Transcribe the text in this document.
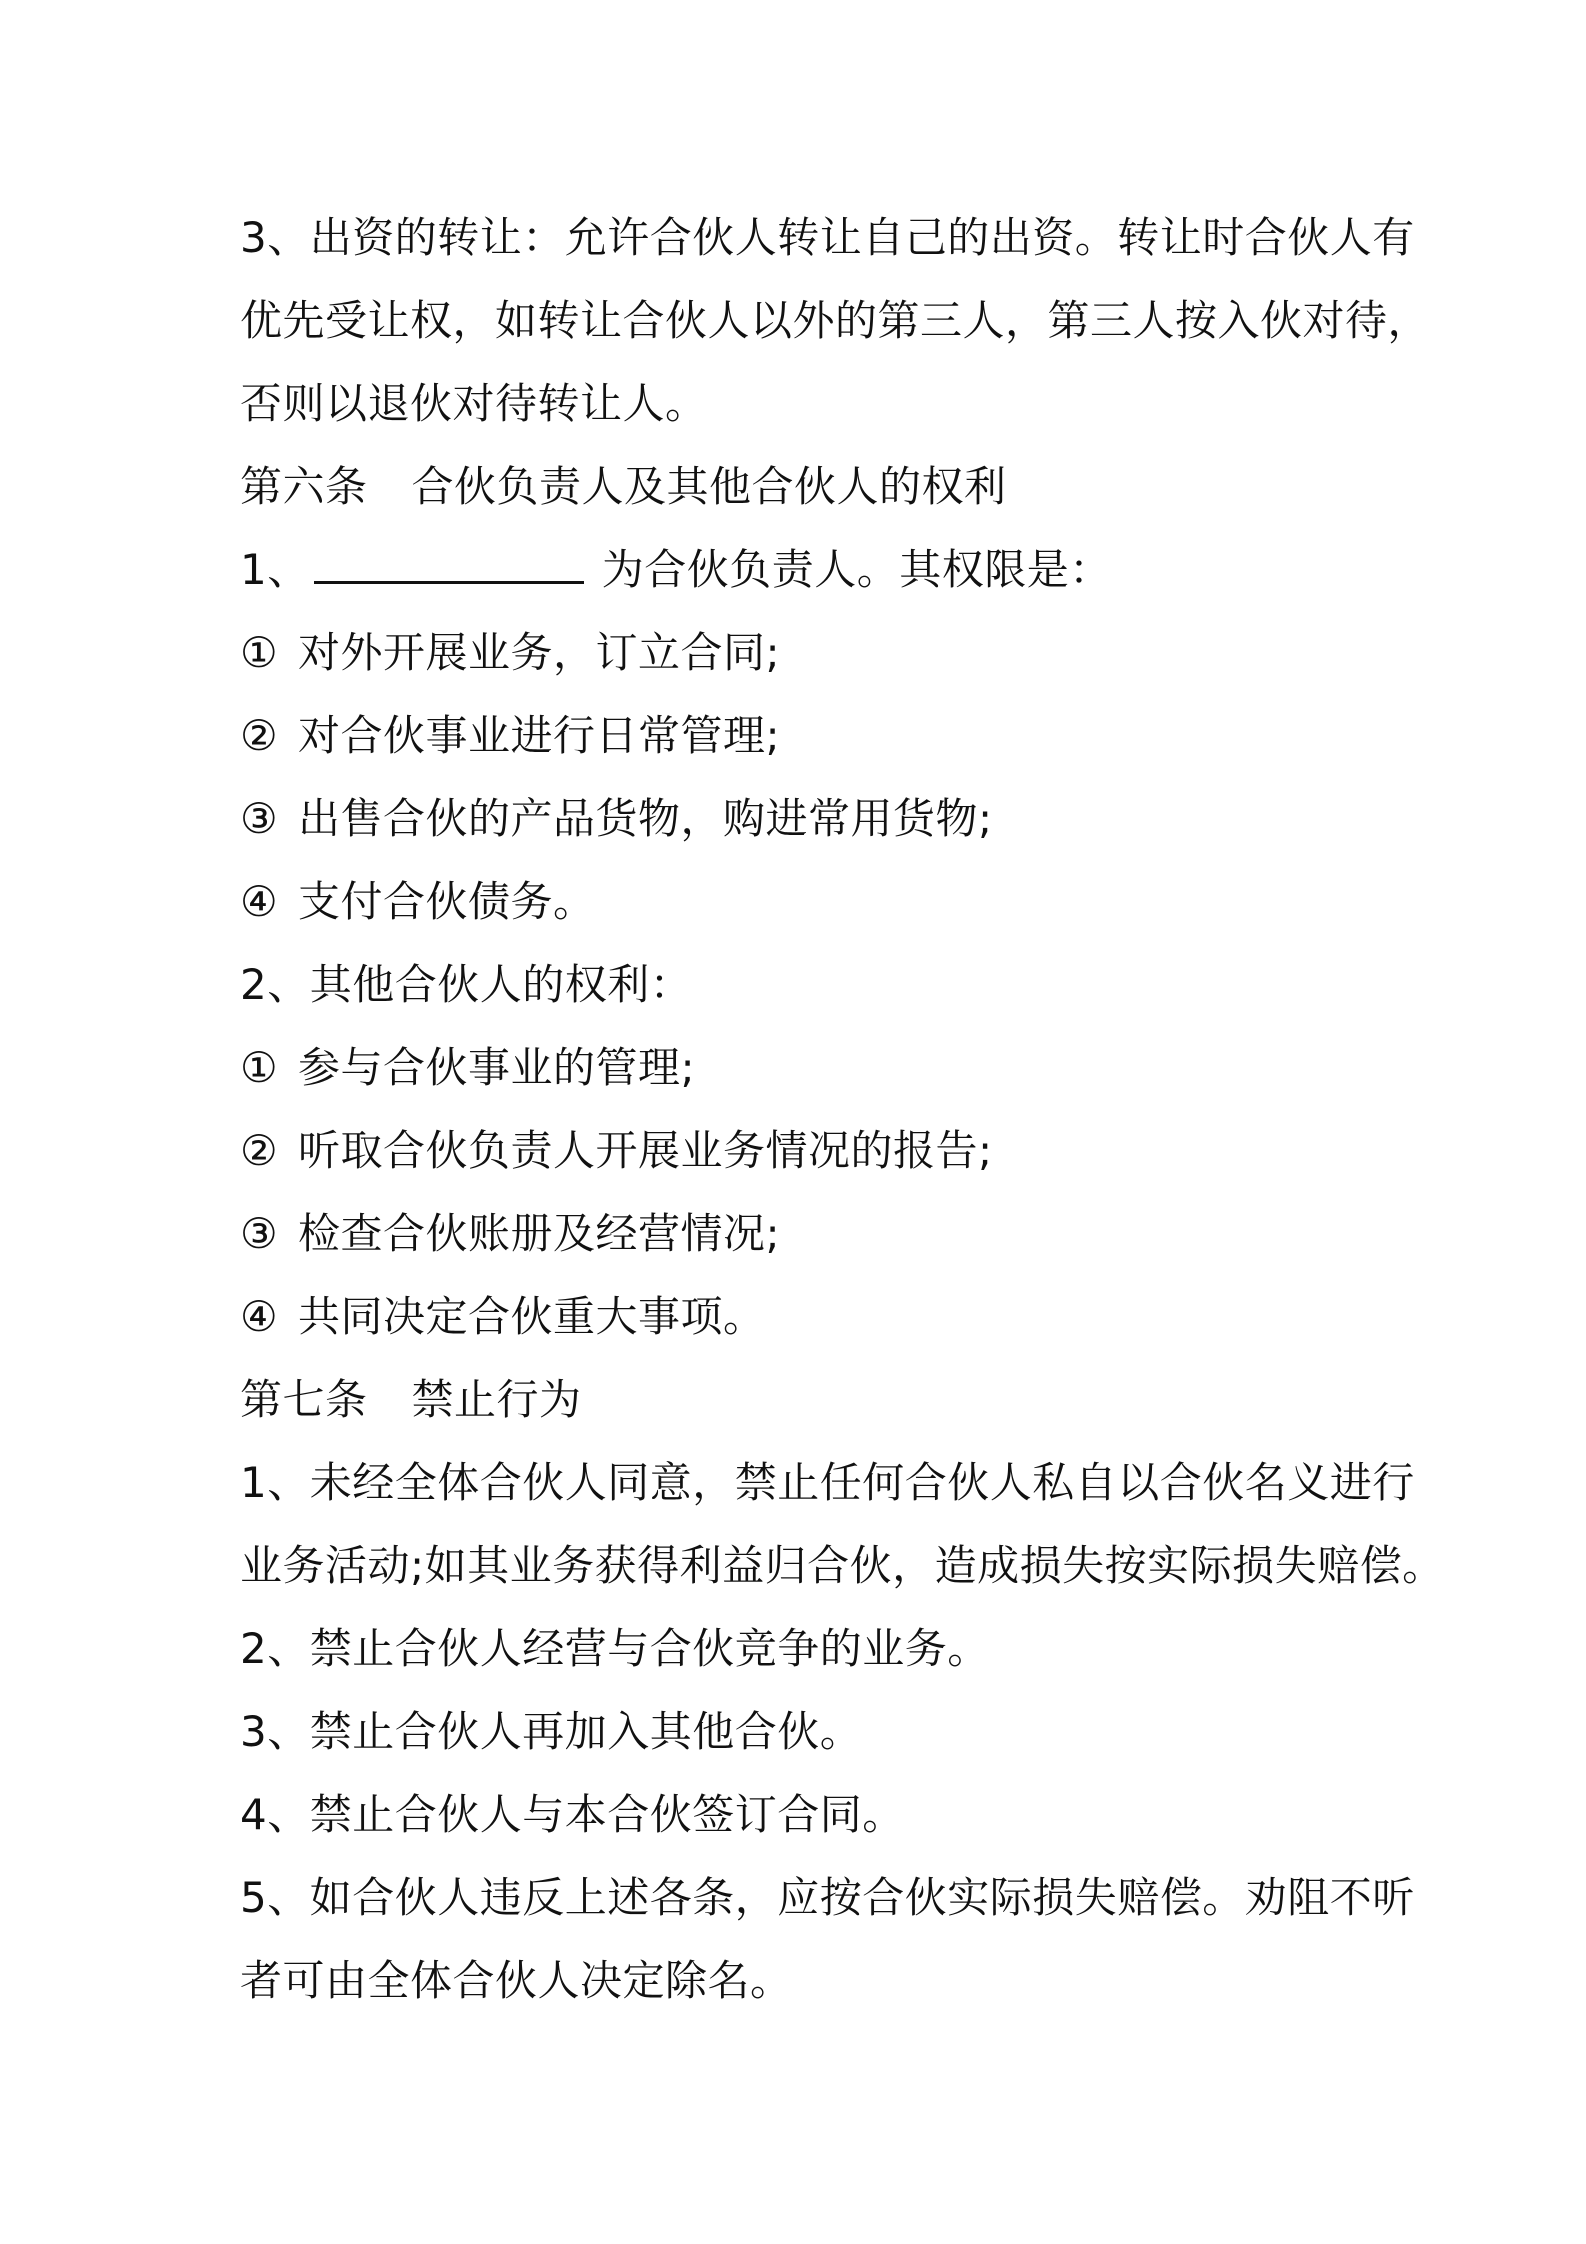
3、出资的转让：允许合伙人转让自己的出资。转让时合伙人有
优先受让权，如转让合伙人以外的第三人，第三人按入伙对待，
否则以退伙对待转让人。
第六条 合伙负责人及其他合伙人的权利
1、	为合伙负责人。其权限是：
① 对外开展业务，订立合同;
② 对合伙事业进行日常管理;
③ 出售合伙的产品货物，购进常用货物;
④ 支付合伙债务。
2、其他合伙人的权利：
① 参与合伙事业的管理;
② 听取合伙负责人开展业务情况的报告;
③ 检查合伙账册及经营情况;
④ 共同决定合伙重大事项。
第七条 禁止行为
1、未经全体合伙人同意，禁止任何合伙人私自以合伙名义进行
业务活动;如其业务获得利益归合伙，造成损失按实际损失赔偿。
2、禁止合伙人经营与合伙竞争的业务。
3、禁止合伙人再加入其他合伙。
4、禁止合伙人与本合伙签订合同。
5、如合伙人违反上述各条，应按合伙实际损失赔偿。劝阻不听
者可由全体合伙人决定除名。
